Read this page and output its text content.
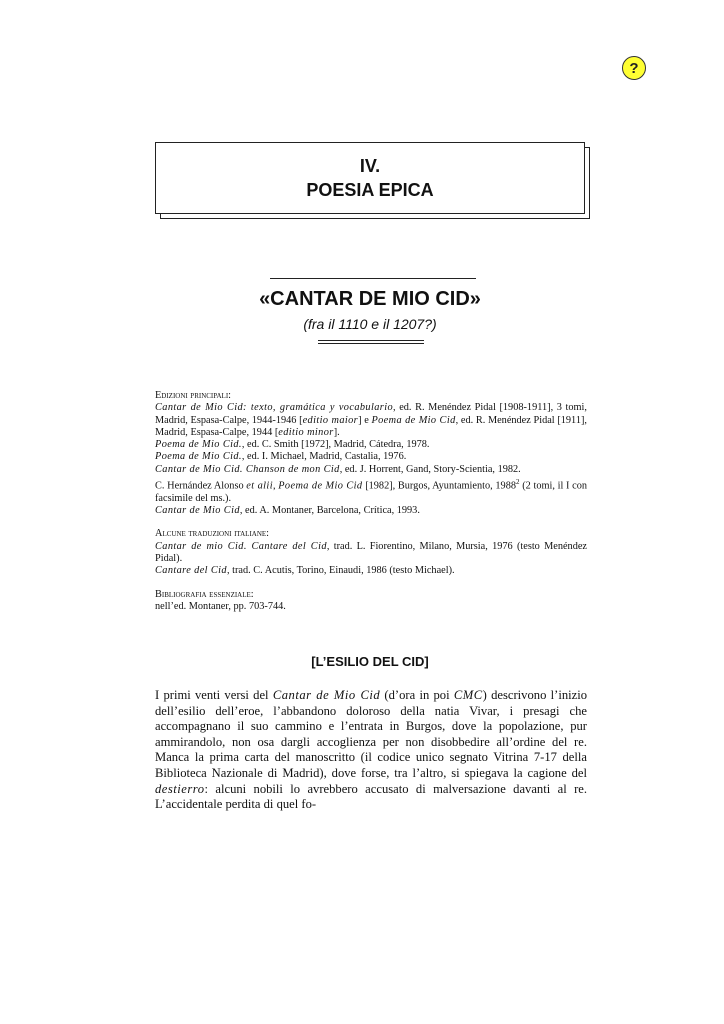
?
IV.
POESIA EPICA
«CANTAR DE MIO CID»
(fra il 1110 e il 1207?)
Edizioni principali:
Cantar de Mio Cid: texto, gramática y vocabulario, ed. R. Menéndez Pidal [1908-1911], 3 tomi, Madrid, Espasa-Calpe, 1944-1946 [editio maior] e Poema de Mio Cid, ed. R. Menéndez Pidal [1911], Madrid, Espasa-Calpe, 1944 [editio minor].
Poema de Mio Cid., ed. C. Smith [1972], Madrid, Cátedra, 1978.
Poema de Mio Cid., ed. I. Michael, Madrid, Castalia, 1976.
Cantar de Mio Cid. Chanson de mon Cid, ed. J. Horrent, Gand, Story-Scientia, 1982.
C. Hernández Alonso et alii, Poema de Mio Cid [1982], Burgos, Ayuntamiento, 1988$^2$ (2 tomi, il I con facsimile del ms.).
Cantar de Mio Cid, ed. A. Montaner, Barcelona, Crítica, 1993.
Alcune traduzioni italiane:
Cantar de mio Cid. Cantare del Cid, trad. L. Fiorentino, Milano, Mursia, 1976 (testo Menéndez Pidal).
Cantare del Cid, trad. C. Acutis, Torino, Einaudi, 1986 (testo Michael).
Bibliografia essenziale:
nell’ed. Montaner, pp. 703-744.
[L’ESILIO DEL CID]
I primi venti versi del Cantar de Mio Cid (d’ora in poi CMC) descrivono l’inizio dell’esilio dell’eroe, l’abbandono doloroso della natia Vivar, i presagi che accompagnano il suo cammino e l’entrata in Burgos, dove la popolazione, pur ammirandolo, non osa dargli accoglienza per non disobbedire all’ordine del re. Manca la prima carta del manoscritto (il codice unico segnato Vitrina 7-17 della Biblioteca Nazionale di Madrid), dove forse, tra l’altro, si spiegava la cagione del destierro: alcuni nobili lo avrebbero accusato di malversazione davanti al re. L’accidentale perdita di quel fo-
